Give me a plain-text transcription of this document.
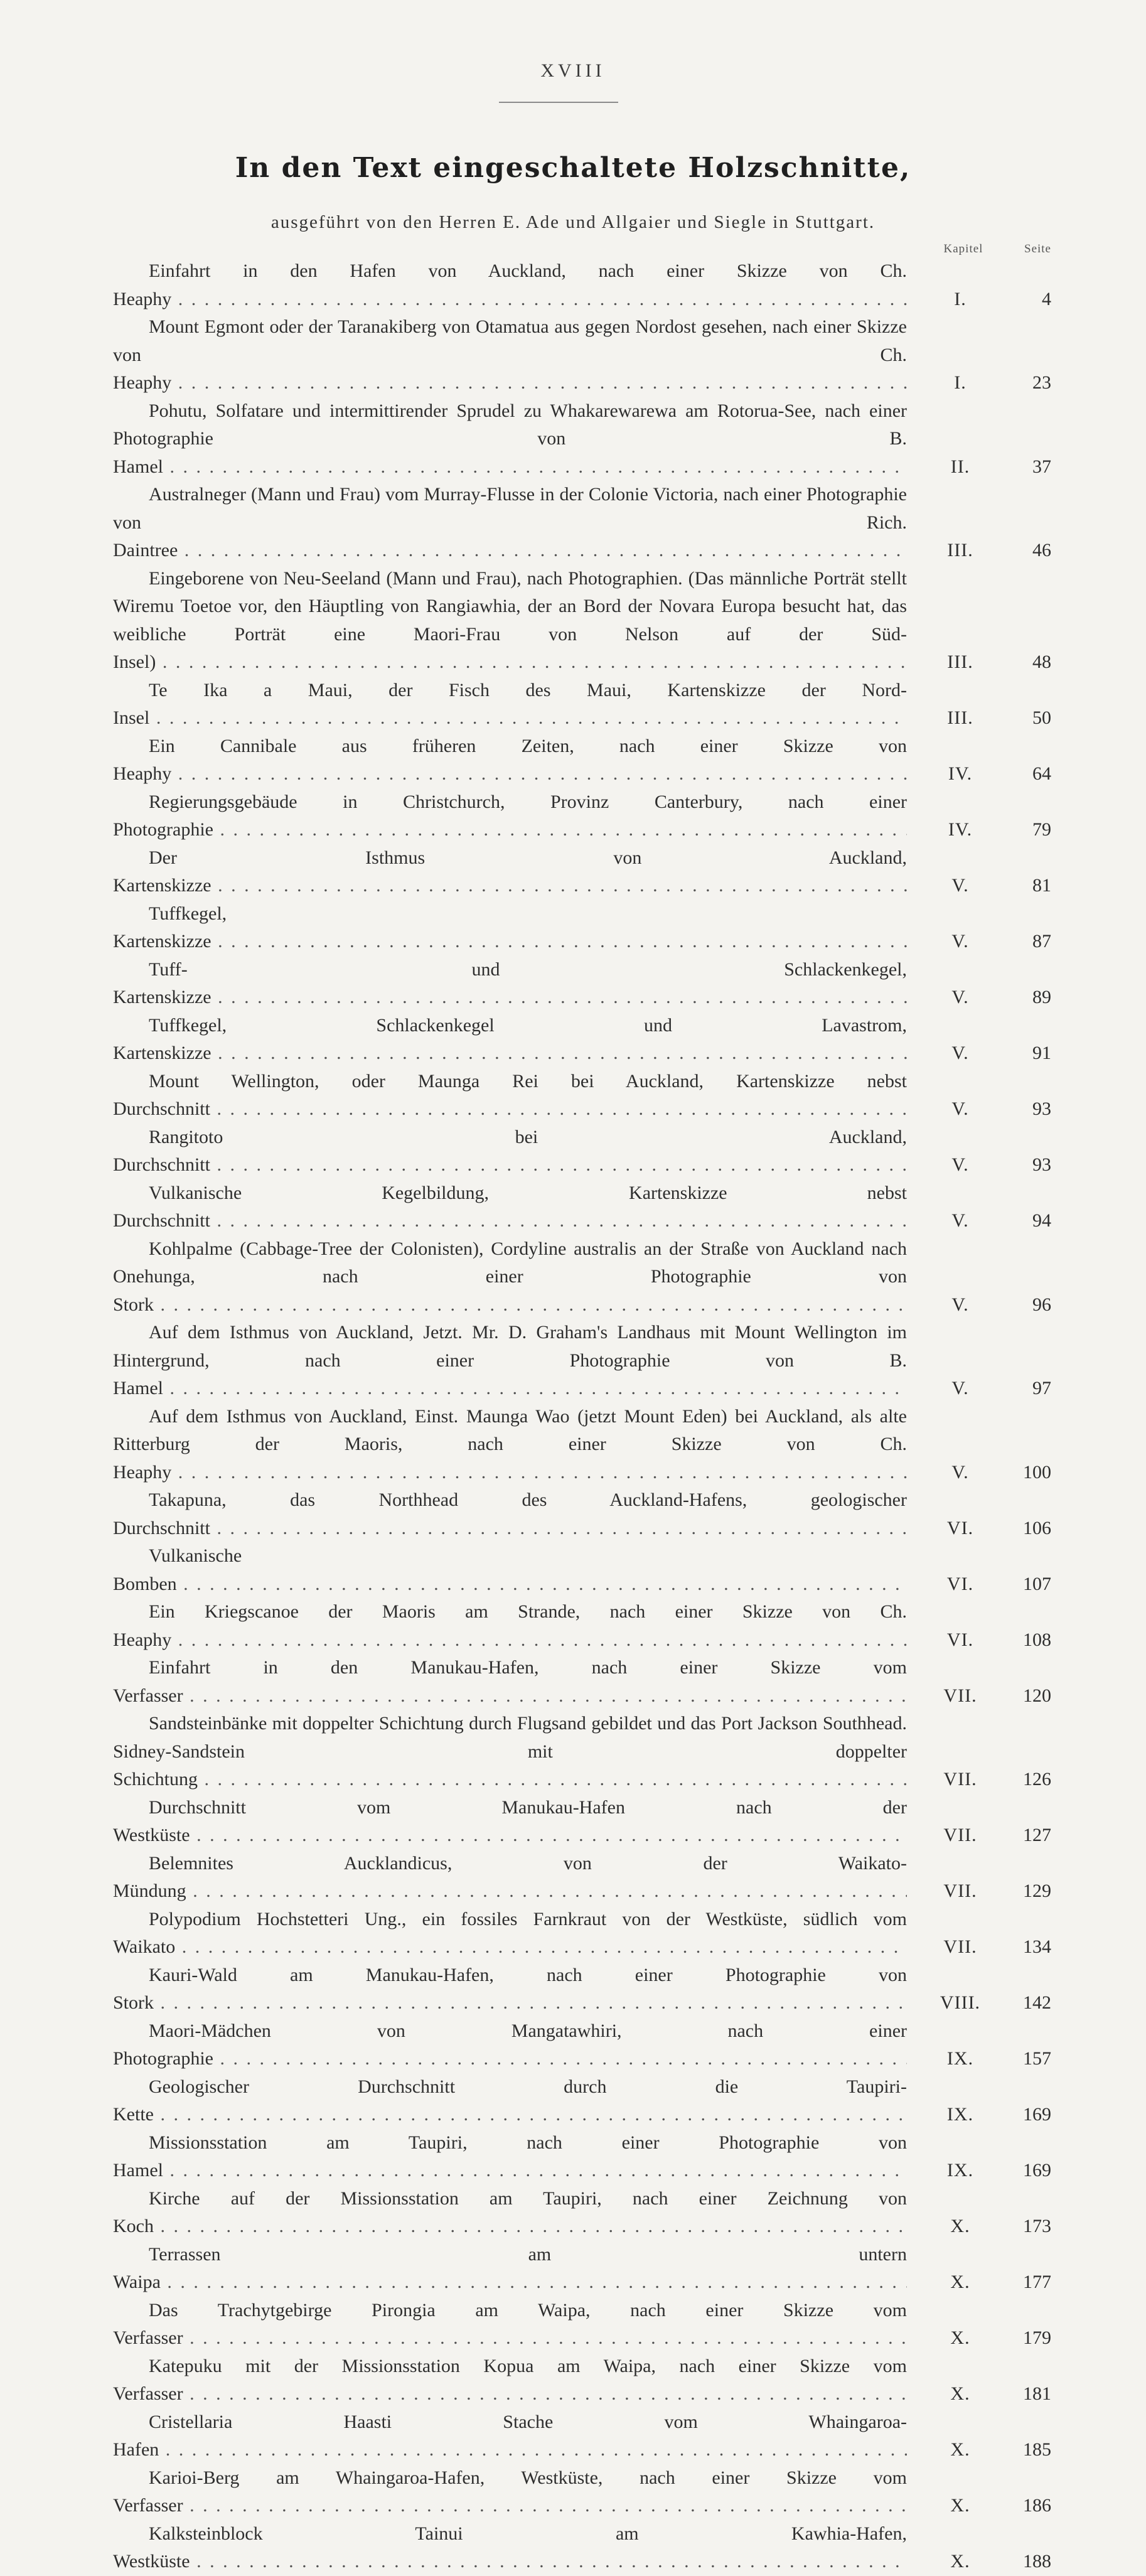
XVIII
In den Text eingeschaltete Holzschnitte,
ausgeführt von den Herren E. Ade und Allgaier und Siegle in Stuttgart.
Kapitel	Seite
Einfahrt in den Hafen von Auckland, nach einer Skizze von Ch. Heaphy . . .	I.	4
Mount Egmont oder der Taranakiberg von Otamatua aus gegen Nordost gesehen, nach einer Skizze von Ch. Heaphy . . .	I.	23
Pohutu, Solfatare und intermittirender Sprudel zu Whakarewarewa am Rotorua-See, nach einer Photographie von B. Hamel . . .	II.	37
Australneger (Mann und Frau) vom Murray-Flusse in der Colonie Victoria, nach einer Photographie von Rich. Daintree . . .	III.	46
Eingeborene von Neu-Seeland (Mann und Frau), nach Photographien. (Das männliche Porträt stellt Wiremu Toetoe vor, den Häuptling von Rangiawhia, der an Bord der Novara Europa besucht hat, das weibliche Porträt eine Maori-Frau von Nelson auf der Süd-Insel) . . .	III.	48
Te Ika a Maui, der Fisch des Maui, Kartenskizze der Nord-Insel . . .	III.	50
Ein Cannibale aus früheren Zeiten, nach einer Skizze von Heaphy . . .	IV.	64
Regierungsgebäude in Christchurch, Provinz Canterbury, nach einer Photographie . . .	IV.	79
Der Isthmus von Auckland, Kartenskizze . . .	V.	81
Tuffkegel, Kartenskizze . . .	V.	87
Tuff- und Schlackenkegel, Kartenskizze . . .	V.	89
Tuffkegel, Schlackenkegel und Lavastrom, Kartenskizze . . .	V.	91
Mount Wellington, oder Maunga Rei bei Auckland, Kartenskizze nebst Durchschnitt . . .	V.	93
Rangitoto bei Auckland, Durchschnitt . . .	V.	93
Vulkanische Kegelbildung, Kartenskizze nebst Durchschnitt . . .	V.	94
Kohlpalme (Cabbage-Tree der Colonisten), Cordyline australis an der Straße von Auckland nach Onehunga, nach einer Photographie von Stork . . .	V.	96
Auf dem Isthmus von Auckland, Jetzt. Mr. D. Graham's Landhaus mit Mount Wellington im Hintergrund, nach einer Photographie von B. Hamel . . .	V.	97
Auf dem Isthmus von Auckland, Einst. Maunga Wao (jetzt Mount Eden) bei Auckland, als alte Ritterburg der Maoris, nach einer Skizze von Ch. Heaphy . . .	V.	100
Takapuna, das Northhead des Auckland-Hafens, geologischer Durchschnitt . . .	VI.	106
Vulkanische Bomben . . .	VI.	107
Ein Kriegscanoe der Maoris am Strande, nach einer Skizze von Ch. Heaphy . . .	VI.	108
Einfahrt in den Manukau-Hafen, nach einer Skizze vom Verfasser . . .	VII.	120
Sandsteinbänke mit doppelter Schichtung durch Flugsand gebildet und das Port Jackson Southhead. Sidney-Sandstein mit doppelter Schichtung . . .	VII.	126
Durchschnitt vom Manukau-Hafen nach der Westküste . . .	VII.	127
Belemnites Aucklandicus, von der Waikato-Mündung . . .	VII.	129
Polypodium Hochstetteri Ung., ein fossiles Farnkraut von der Westküste, südlich vom Waikato . . .	VII.	134
Kauri-Wald am Manukau-Hafen, nach einer Photographie von Stork . . .	VIII.	142
Maori-Mädchen von Mangatawhiri, nach einer Photographie . . .	IX.	157
Geologischer Durchschnitt durch die Taupiri-Kette . . .	IX.	169
Missionsstation am Taupiri, nach einer Photographie von Hamel . . .	IX.	169
Kirche auf der Missionsstation am Taupiri, nach einer Zeichnung von Koch . . .	X.	173
Terrassen am untern Waipa . . .	X.	177
Das Trachytgebirge Pirongia am Waipa, nach einer Skizze vom Verfasser . . .	X.	179
Katepuku mit der Missionsstation Kopua am Waipa, nach einer Skizze vom Verfasser . . .	X.	181
Cristellaria Haasti Stache vom Whaingaroa-Hafen . . .	X.	185
Karioi-Berg am Whaingaroa-Hafen, Westküste, nach einer Skizze vom Verfasser . . .	X.	186
Kalksteinblock Tainui am Kawhia-Hafen, Westküste . . .	X.	188
